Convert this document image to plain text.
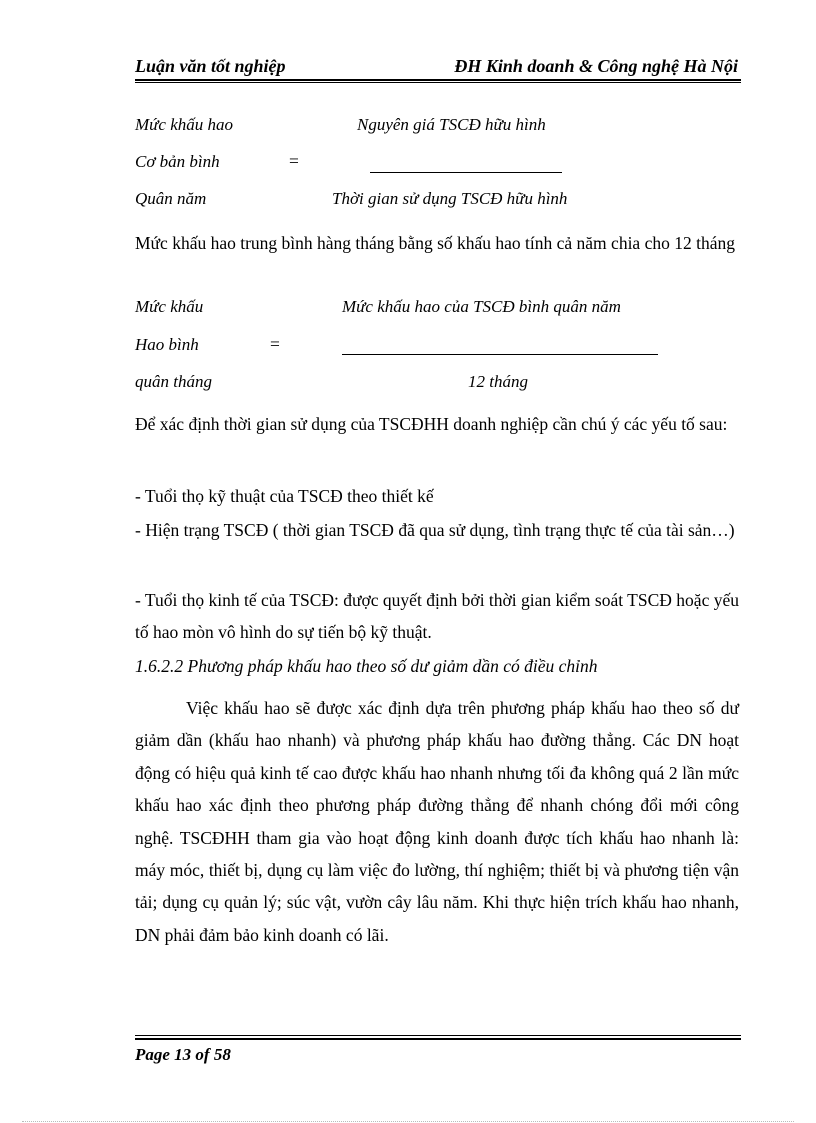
Luận văn tốt nghiệp	ĐH Kinh doanh & Công nghệ Hà Nội
Mức khấu hao	Nguyên giá TSCĐ hữu hình
Cơ bản bình	=
Quân năm	Thời gian sử dụng TSCĐ hữu hình
Mức khấu hao trung bình hàng tháng bằng số khấu hao tính cả năm chia cho 12 tháng
Mức khấu	Mức khấu hao của TSCĐ bình quân năm
Hao bình	=
quân tháng	12 tháng
Để xác định thời gian sử dụng của TSCĐHH doanh nghiệp cần chú ý các yếu tố sau:
- Tuổi thọ kỹ thuật của TSCĐ theo thiết kế
- Hiện trạng TSCĐ ( thời gian TSCĐ đã qua sử dụng, tình trạng thực tế của tài sản…)
- Tuổi thọ kinh tế của TSCĐ: được quyết định bởi thời gian kiểm soát TSCĐ hoặc yếu tố hao mòn vô hình do sự tiến bộ kỹ thuật.
1.6.2.2 Phương pháp khấu hao theo số dư giảm dần có điều chỉnh
Việc khấu hao sẽ được xác định dựa trên phương pháp khấu hao theo số dư giảm dần (khấu hao nhanh) và phương pháp khấu hao đường thẳng. Các DN hoạt động có hiệu quả kinh tế cao được khấu hao nhanh nhưng tối đa không quá 2 lần mức khấu hao xác định theo phương pháp đường thẳng để nhanh chóng đổi mới công nghệ. TSCĐHH tham gia vào hoạt động kinh doanh được tích khấu hao nhanh là: máy móc, thiết bị, dụng cụ làm việc đo lường, thí nghiệm; thiết bị và phương tiện vận tải; dụng cụ quản lý; súc vật, vườn cây lâu năm. Khi thực hiện trích khấu hao nhanh, DN phải đảm bảo kinh doanh có lãi.
Page 13 of 58
